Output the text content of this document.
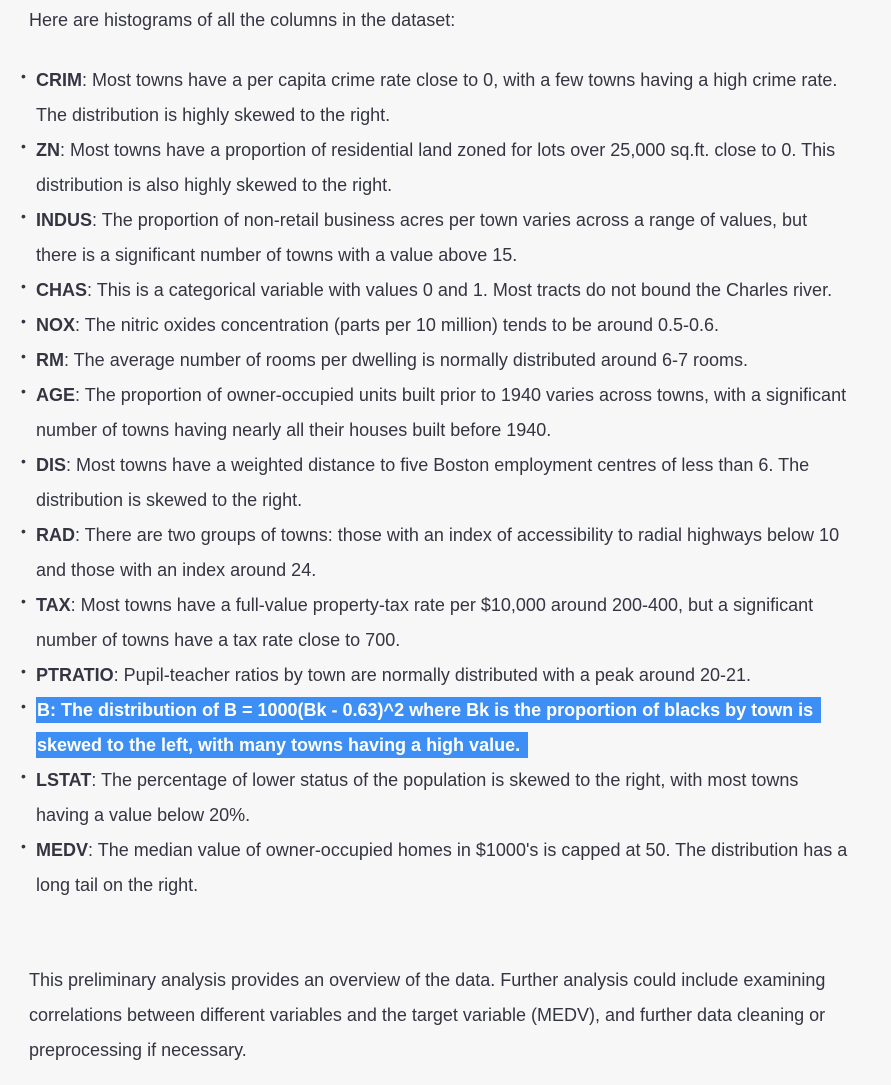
Here are histograms of all the columns in the dataset:

• CRIM: Most towns have a per capita crime rate close to 0, with a few towns having a high crime rate. The distribution is highly skewed to the right.
• ZN: Most towns have a proportion of residential land zoned for lots over 25,000 sq.ft. close to 0. This distribution is also highly skewed to the right.
• INDUS: The proportion of non-retail business acres per town varies across a range of values, but there is a significant number of towns with a value above 15.
• CHAS: This is a categorical variable with values 0 and 1. Most tracts do not bound the Charles river.
• NOX: The nitric oxides concentration (parts per 10 million) tends to be around 0.5-0.6.
• RM: The average number of rooms per dwelling is normally distributed around 6-7 rooms.
• AGE: The proportion of owner-occupied units built prior to 1940 varies across towns, with a significant number of towns having nearly all their houses built before 1940.
• DIS: Most towns have a weighted distance to five Boston employment centres of less than 6. The distribution is skewed to the right.
• RAD: There are two groups of towns: those with an index of accessibility to radial highways below 10 and those with an index around 24.
• TAX: Most towns have a full-value property-tax rate per $10,000 around 200-400, but a significant number of towns have a tax rate close to 700.
• PTRATIO: Pupil-teacher ratios by town are normally distributed with a peak around 20-21.
• B: The distribution of B = 1000(Bk - 0.63)^2 where Bk is the proportion of blacks by town is skewed to the left, with many towns having a high value.
• LSTAT: The percentage of lower status of the population is skewed to the right, with most towns having a value below 20%.
• MEDV: The median value of owner-occupied homes in $1000's is capped at 50. The distribution has a long tail on the right.

This preliminary analysis provides an overview of the data. Further analysis could include examining correlations between different variables and the target variable (MEDV), and further data cleaning or preprocessing if necessary.
